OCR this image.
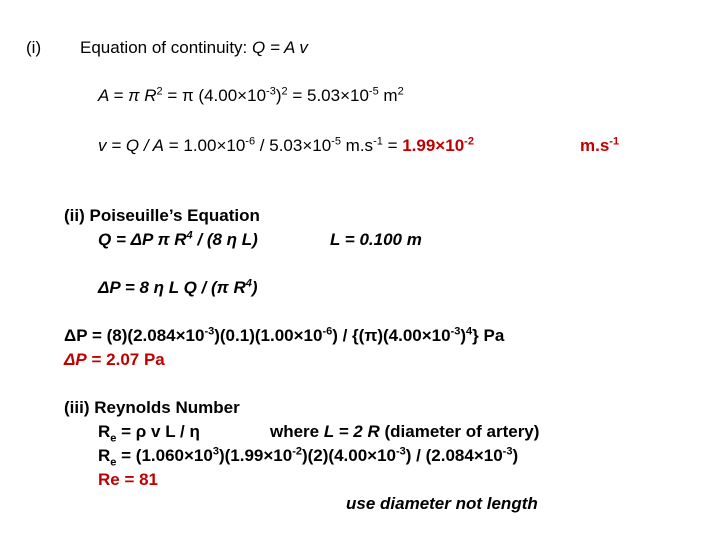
(i) Equation of continuity: Q = A v
A = π $R^2 = \pi$ $(4.00\times 10^{-3})^2 = 5.03\times 10^{-5}$ $m^2$
$v = Q / A = 1.00\times 10^{-6} / 5.03\times 10^{-5}$ $m.s^{-1} = 1.99\times 10^{-2}$	$m.s^{-1}$
(ii) Poiseuille’s Equation
Q = ΔP π $R^4 / (8$ η L)	L = 0.100 m
ΔP = 8 η L Q / (π $R^4$)
$\Delta P = (8)(2.084\times 10^{-3})(0.1)(1.00\times 10^{-6}) / \{(\pi)(4.00\times 10^{-3})^4\}$ Pa
ΔP = 2.07 Pa
(iii) Reynolds Number
$R_e = \rho$ v L / η	where L = 2 R (diameter of artery)
$R_e = (1.060\times 10^3)(1.99\times 10^{-2})(2)(4.00\times 10^{-3}) / (2.084\times 10^{-3})$
Re = 81
use diameter not length
